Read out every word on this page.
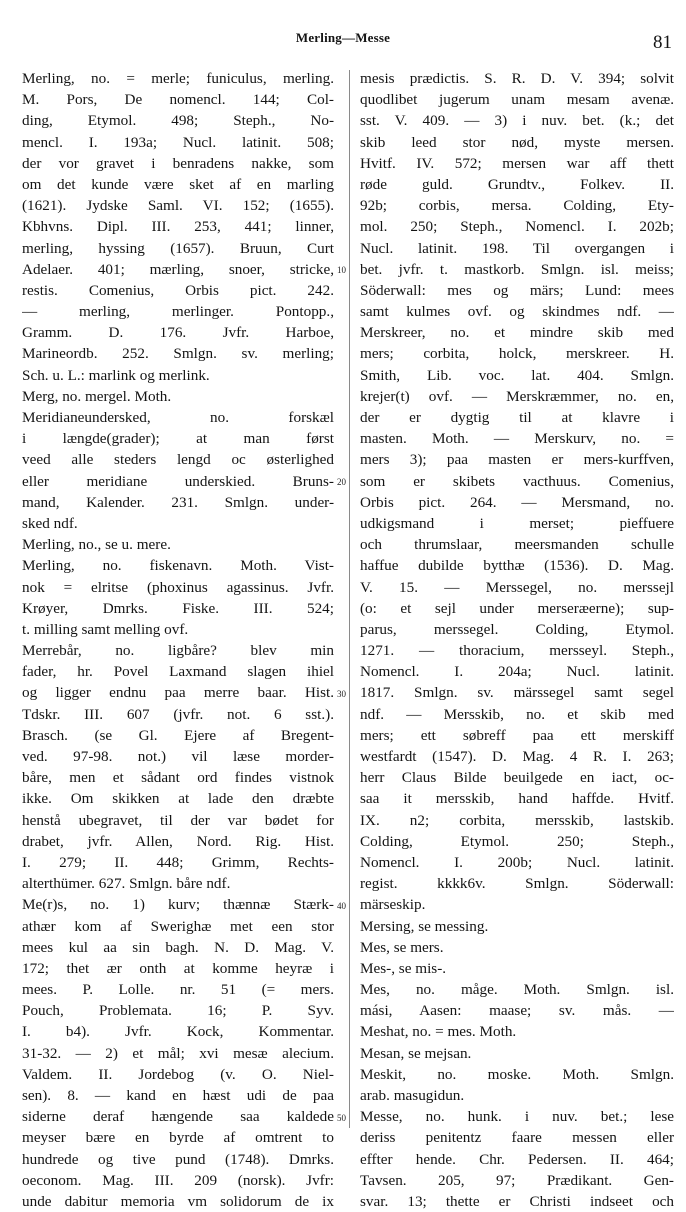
Merling—Messe	81
Merling, no. = merle; funiculus, merling.
M. Pors, De nomencl. 144; Col-
ding, Etymol. 498; Steph., No-
mencl. I. 193a; Nucl. latinit. 508;
der vor gravet i benradens nakke, som
om det kunde være sket af en marling
(1621). Jydske Saml. VI. 152; (1655).
Kbhvns. Dipl. III. 253, 441; linner,
merling, hyssing (1657). Bruun, Curt
Adelaer. 401; mærling, snoer, stricke,
restis. Comenius, Orbis pict. 242.
— merling, merlinger. Pontopp.,
Gramm. D. 176. Jvfr. Harboe,
Marineordb. 252. Smlgn. sv. merling;
Sch. u. L.: marlink og merlink.
Merg, no. mergel. Moth.
Meridianeundersked, no. forskæl
i længde(grader); at man først
veed alle steders lengd oc østerlighed
eller meridiane underskied. Bruns-
mand, Kalender. 231. Smlgn. under-
sked ndf.
Merling, no., se u. mere.
Merling, no. fiskenavn. Moth. Vist-
nok = elritse (phoxinus agassinus. Jvfr.
Krøyer, Dmrks. Fiske. III. 524;
t. milling samt melling ovf.
Merrebår, no. ligbåre? blev min
fader, hr. Povel Laxmand slagen ihiel
og ligger endnu paa merre baar. Hist.
Tdskr. III. 607 (jvfr. not. 6 sst.).
Brasch. (se Gl. Ejere af Bregent-
ved. 97-98. not.) vil læse morder-
båre, men et sådant ord findes vistnok
ikke. Om skikken at lade den dræbte
henstå ubegravet, til der var bødet for
drabet, jvfr. Allen, Nord. Rig. Hist.
I. 279; II. 448; Grimm, Rechts-
alterthümer. 627. Smlgn. båre ndf.
Me(r)s, no. 1) kurv; thænnæ Stærk-
athær kom af Swerighæ met een stor
mees kul aa sin bagh. N. D. Mag. V.
172; thet ær onth at komme heyræ i
mees. P. Lolle. nr. 51 (= mers.
Pouch, Problemata. 16; P. Syv.
I. b4). Jvfr. Kock, Kommentar.
31-32. — 2) et mål; xvi mesæ alecium.
Valdem. II. Jordebog (v. O. Niel-
sen). 8. — kand en hæst udi de paa
siderne deraf hængende saa kaldede
meyser bære en byrde af omtrent to
hundrede og tive pund (1748). Dmrks.
oeconom. Mag. III. 209 (norsk). Jvfr:
unde dabitur memoria vm solidorum de ix
mesis prædictis. S. R. D. V. 394; solvit
quodlibet jugerum unam mesam avenæ.
sst. V. 409. — 3) i nuv. bet. (k.; det
skib leed stor nød, myste mersen.
Hvitf. IV. 572; mersen war aff thett
røde guld. Grundtv., Folkev. II.
92b; corbis, mersa. Colding, Ety-
mol. 250; Steph., Nomencl. I. 202b;
Nucl. latinit. 198. Til overgangen i
bet. jvfr. t. mastkorb. Smlgn. isl. meiss;
Söderwall: mes og märs; Lund: mees
samt kulmes ovf. og skindmes ndf. —
Merskreer, no. et mindre skib med
mers; corbita, holck, merskreer. H.
Smith, Lib. voc. lat. 404. Smlgn.
krejer(t) ovf. — Merskræmmer, no. en,
der er dygtig til at klavre i
masten. Moth. — Merskurv, no. =
mers 3); paa masten er mers-kurffven,
som er skibets vacthuus. Comenius,
Orbis pict. 264. — Mersmand, no.
udkigsmand i merset; pieffuere
och thrumslaar, meersmanden schulle
haffue dubilde bytthæ (1536). D. Mag.
V. 15. — Merssegel, no. merssejl
(o: et sejl under merseræerne); sup-
parus, merssegel. Colding, Etymol.
1271. — thoracium, mersseyl. Steph.,
Nomencl. I. 204a; Nucl. latinit.
1817. Smlgn. sv. märssegel samt segel
ndf. — Mersskib, no. et skib med
mers; ett søbreff paa ett merskiff
westfardt (1547). D. Mag. 4 R. I. 263;
herr Claus Bilde beuilgede en iact, oc-
saa it mersskib, hand haffde. Hvitf.
IX. n2; corbita, mersskib, lastskib.
Colding, Etymol. 250; Steph.,
Nomencl. I. 200b; Nucl. latinit.
regist. kkkk6v. Smlgn. Söderwall:
märseskip.
Mersing, se messing.
Mes, se mers.
Mes-, se mis-.
Mes, no. måge. Moth. Smlgn. isl.
mási, Aasen: maase; sv. mås. —
Meshat, no. = mes. Moth.
Mesan, se mejsan.
Meskit, no. moske. Moth. Smlgn.
arab. masugidun.
Messe, no. hunk. i nuv. bet.; lese
deriss penitentz faare messen eller
effter hende. Chr. Pedersen. II. 464;
Tavsen. 205, 97; Prædikant. Gen-
svar. 13; thette er Christi indseet och
10
20
30
40
50
